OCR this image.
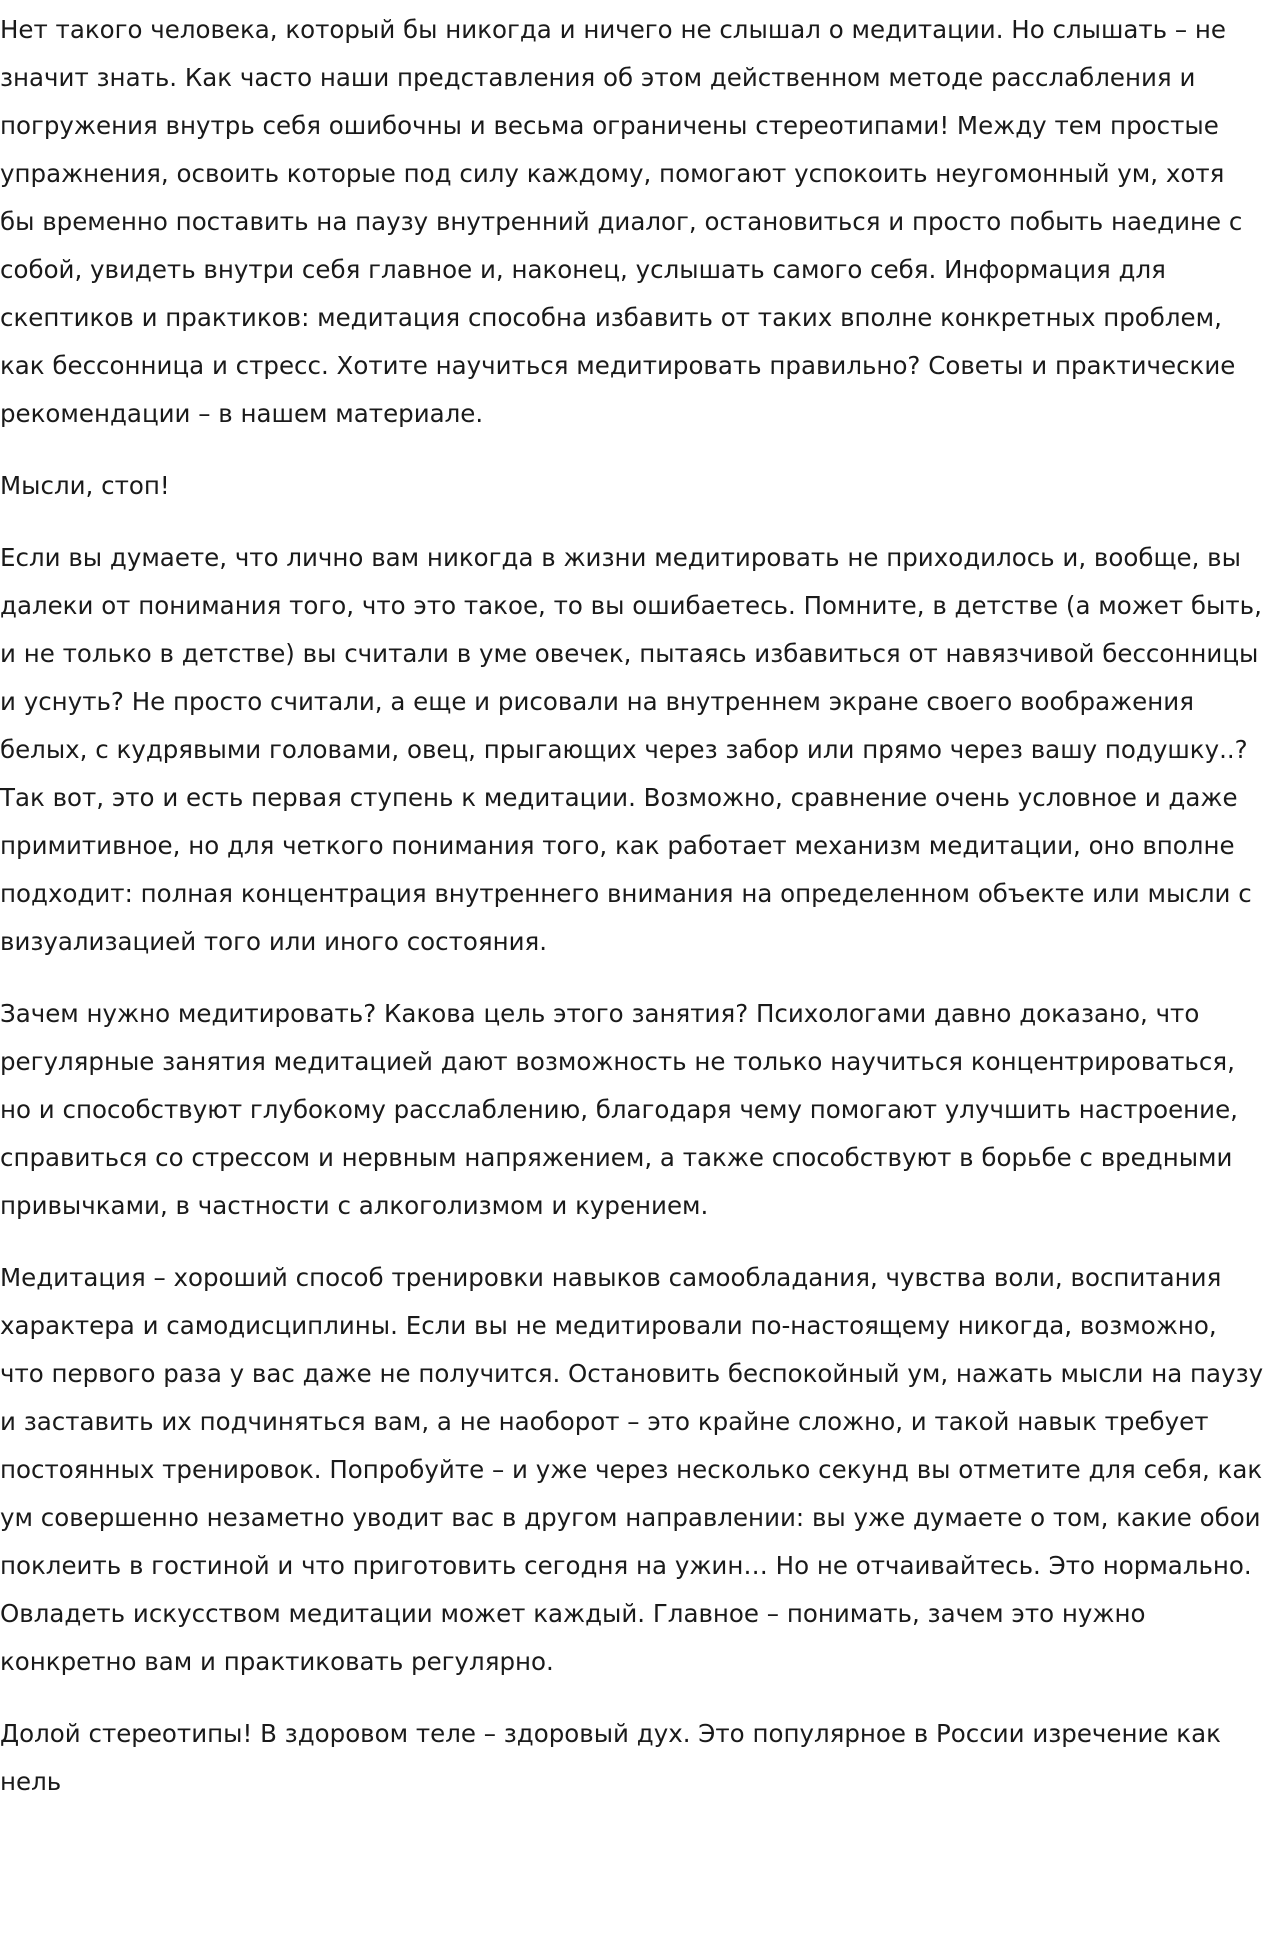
Нет такого человека, который бы никогда и ничего не слышал о медитации. Но слышать – не значит знать. Как часто наши представления об этом действенном методе расслабления и погружения внутрь себя ошибочны и весьма ограничены стереотипами! Между тем простые упражнения, освоить которые под силу каждому, помогают успокоить неугомонный ум, хотя бы временно поставить на паузу внутренний диалог, остановиться и просто побыть наедине с собой, увидеть внутри себя главное и, наконец, услышать самого себя. Информация для скептиков и практиков: медитация способна избавить от таких вполне конкретных проблем, как бессонница и стресс. Хотите научиться медитировать правильно? Советы и практические рекомендации – в нашем материале.

Мысли, стоп!

Если вы думаете, что лично вам никогда в жизни медитировать не приходилось и, вообще, вы далеки от понимания того, что это такое, то вы ошибаетесь. Помните, в детстве (а может быть, и не только в детстве) вы считали в уме овечек, пытаясь избавиться от навязчивой бессонницы и уснуть? Не просто считали, а еще и рисовали на внутреннем экране своего воображения белых, с кудрявыми головами, овец, прыгающих через забор или прямо через вашу подушку..? Так вот, это и есть первая ступень к медитации. Возможно, сравнение очень условное и даже примитивное, но для четкого понимания того, как работает механизм медитации, оно вполне подходит: полная концентрация внутреннего внимания на определенном объекте или мысли с визуализацией того или иного состояния.

Зачем нужно медитировать? Какова цель этого занятия? Психологами давно доказано, что регулярные занятия медитацией дают возможность не только научиться концентрироваться, но и способствуют глубокому расслаблению, благодаря чему помогают улучшить настроение, справиться со стрессом и нервным напряжением, а также способствуют в борьбе с вредными привычками, в частности с алкоголизмом и курением.

Медитация – хороший способ тренировки навыков самообладания, чувства воли, воспитания характера и самодисциплины. Если вы не медитировали по-настоящему никогда, возможно, что первого раза у вас даже не получится. Остановить беспокойный ум, нажать мысли на паузу и заставить их подчиняться вам, а не наоборот – это крайне сложно, и такой навык требует постоянных тренировок. Попробуйте – и уже через несколько секунд вы отметите для себя, как ум совершенно незаметно уводит вас в другом направлении: вы уже думаете о том, какие обои поклеить в гостиной и что приготовить сегодня на ужин… Но не отчаивайтесь. Это нормально. Овладеть искусством медитации может каждый. Главное – понимать, зачем это нужно конкретно вам и практиковать регулярно.

Долой стереотипы! В здоровом теле – здоровый дух. Это популярное в России изречение как нель
